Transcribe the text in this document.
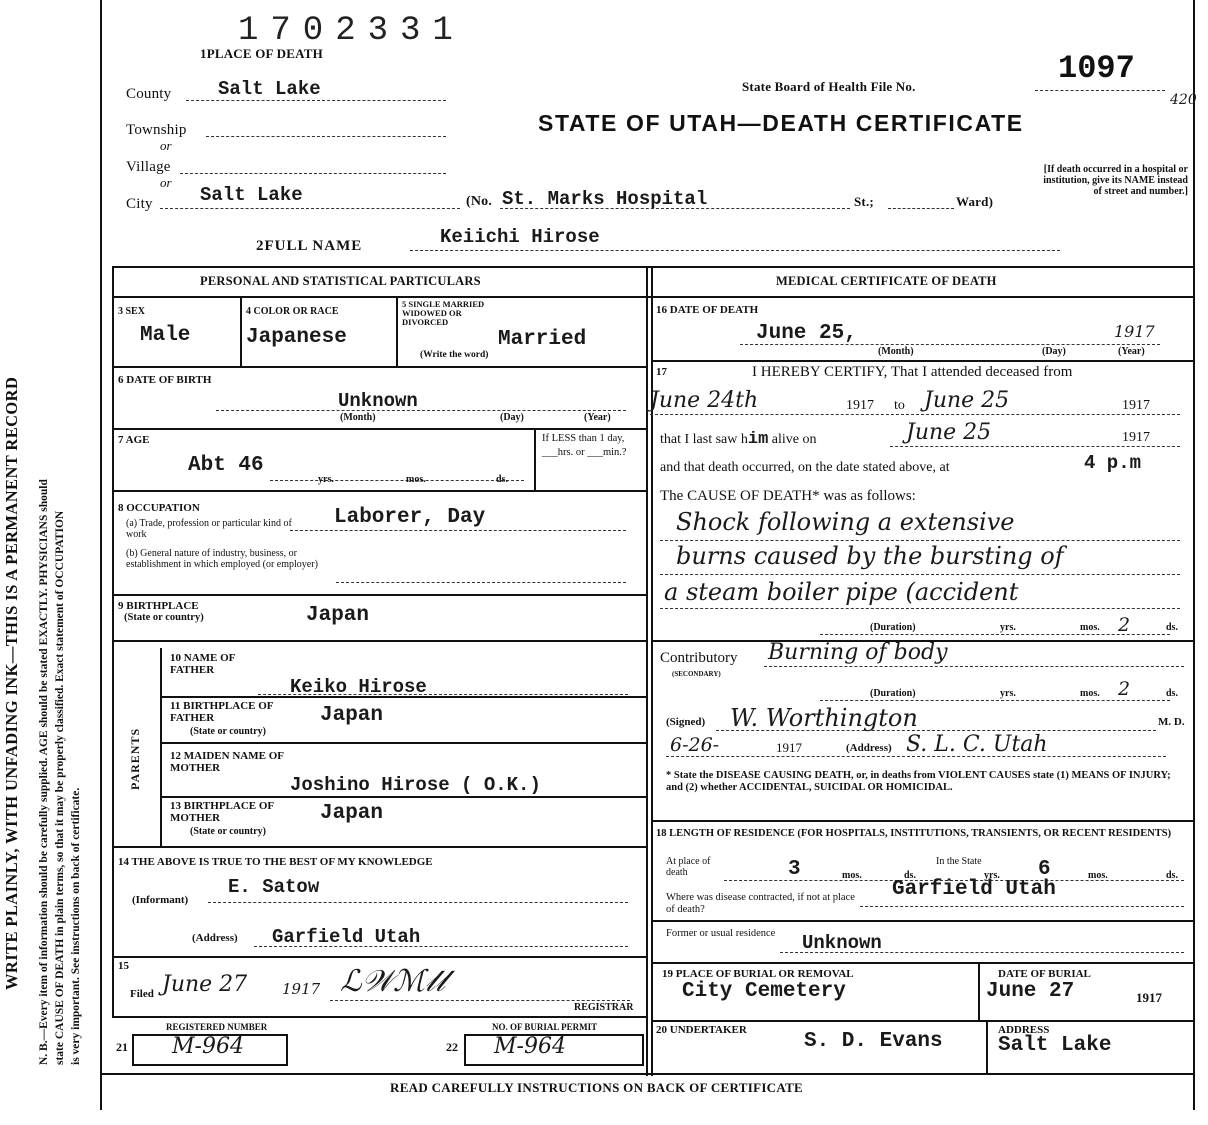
WRITE PLAINLY, WITH UNFADING INK—THIS IS A PERMANENT RECORD N. B.—Every item of information should be carefully supplied. AGE should be stated EXACTLY. PHYSICIANS should state CAUSE OF DEATH in plain terms, so that it may be properly classified. Exact statement of OCCUPATION is very important. See instructions on back of certificate.
1702331
1PLACE OF DEATH
State Board of Health File No.	1097
420
County Salt Lake
Township
or
Village
or
STATE OF UTAH—DEATH CERTIFICATE
City Salt Lake	(No. St. Marks Hospital	St.;	Ward)
[If death occurred in a hospital or institution, give its NAME instead of street and number.]
2FULL NAME	Keiichi Hirose
PERSONAL AND STATISTICAL PARTICULARS	MEDICAL CERTIFICATE OF DEATH
3 SEX
Male
4 COLOR OR RACE
Japanese
5 SINGLE MARRIED WIDOWED OR DIVORCED
(Write the word)
Married
6 DATE OF BIRTH
Unknown
(Month)	(Day)	(Year)
7 AGE
Abt 46
yrs.	mos.	ds.
If LESS than 1 day, ___hrs. or ___min.?
8 OCCUPATION
(a) Trade, profession or particular kind of work
(b) General nature of industry, business, or establishment in which employed (or employer)
Laborer, Day
9 BIRTHPLACE
(State or country)	Japan
PARENTS
10 NAME OF FATHER
Keiko Hirose
11 BIRTHPLACE OF FATHER
(State or country)
Japan
12 MAIDEN NAME OF MOTHER
Joshino Hirose ( O.K.)
13 BIRTHPLACE OF MOTHER
(State or country)
Japan
14 THE ABOVE IS TRUE TO THE BEST OF MY KNOWLEDGE
(Informant)
E. Satow
(Address) Garfield Utah
15
Filed June 27 1917 ℒ𝒲ℳ𝓁𝓁
REGISTRAR
REGISTERED NUMBER
21 M-964
NO. OF BURIAL PERMIT
22 M-964
16 DATE OF DEATH
June 25,	1917
(Month)	(Day)	(Year)
17	I HEREBY CERTIFY, That I attended deceased from
June 24th	1917 to June 25	1917
that I last saw him alive on	June 25	1917
and that death occurred, on the date stated above, at	4 p.m
The CAUSE OF DEATH* was as follows:
Shock following a extensive
burns caused by the bursting of
a steam boiler pipe (accident
(Duration)	yrs.	mos. 2	ds.
Contributory
(SECONDARY)
Burning of body
(Duration)	yrs.	mos. 2	ds.
(Signed) W. Worthington	M. D.
6-26-	1917	(Address) S. L. C. Utah
* State the DISEASE CAUSING DEATH, or, in deaths from VIOLENT CAUSES state (1) MEANS OF INJURY; and (2) whether ACCIDENTAL, SUICIDAL OR HOMICIDAL.
18 LENGTH OF RESIDENCE (FOR HOSPITALS, INSTITUTIONS, TRANSIENTS, OR RECENT RESIDENTS)
At place of death	3	mos.	ds.
In the State
yrs. 6	mos.	ds.
Where was disease contracted, if not at place of death?
Garfield Utah
Former or usual residence Unknown
19 PLACE OF BURIAL OR REMOVAL
City Cemetery
DATE OF BURIAL
June 27	1917
20 UNDERTAKER	S. D. Evans	ADDRESS
Salt Lake
READ CAREFULLY INSTRUCTIONS ON BACK OF CERTIFICATE
